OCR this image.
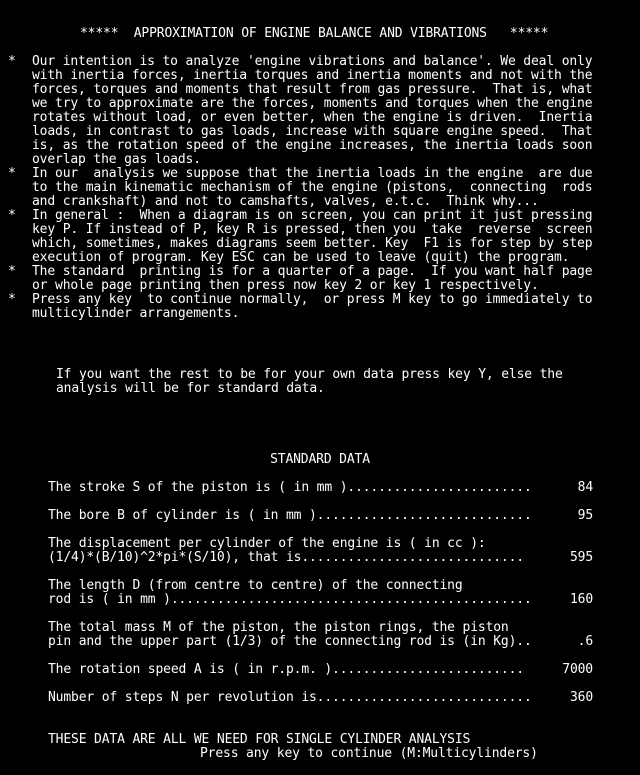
*****  APPROXIMATION OF ENGINE BALANCE AND VIBRATIONS   *****
* Our intention is to analyze 'engine vibrations and balance'. We deal only
with inertia forces, inertia torques and inertia moments and not with the
forces, torques and moments that result from gas pressure.  That is, what
we try to approximate are the forces, moments and torques when the engine
rotates without load, or even better, when the engine is driven.  Inertia
loads, in contrast to gas loads, increase with square engine speed.  That
is, as the rotation speed of the engine increases, the inertia loads soon
overlap the gas loads.
* In our  analysis we suppose that the inertia loads in the engine  are due
to the main kinematic mechanism of the engine (pistons,  connecting  rods
and crankshaft) and not to camshafts, valves, e.t.c.  Think why...
* In general :  When a diagram is on screen, you can print it just pressing
key P. If instead of P, key R is pressed, then you  take  reverse  screen
which, sometimes, makes diagrams seem better. Key  F1 is for step by step
execution of program. Key ESC can be used to leave (quit) the program.
* The standard  printing is for a quarter of a page.  If you want half page
or whole page printing then press now key 2 or key 1 respectively.
* Press any key  to continue normally,  or press M key to go immediately to
multicylinder arrangements.
If you want the rest to be for your own data press key Y, else the
analysis will be for standard data.
STANDARD DATA
The stroke S of the piston is ( in mm )........................	84
The bore B of cylinder is ( in mm )............................	95
The displacement per cylinder of the engine is ( in cc ):
(1/4)*(B/10)^2*pi*(S/10), that is.............................	595
The length D (from centre to centre) of the connecting
rod is ( in mm )...............................................	160
The total mass M of the piston, the piston rings, the piston
pin and the upper part (1/3) of the connecting rod is (in Kg)..	.6
The rotation speed A is ( in r.p.m. ).........................	7000
Number of steps N per revolution is............................	360
THESE DATA ARE ALL WE NEED FOR SINGLE CYLINDER ANALYSIS
Press any key to continue (M:Multicylinders)
